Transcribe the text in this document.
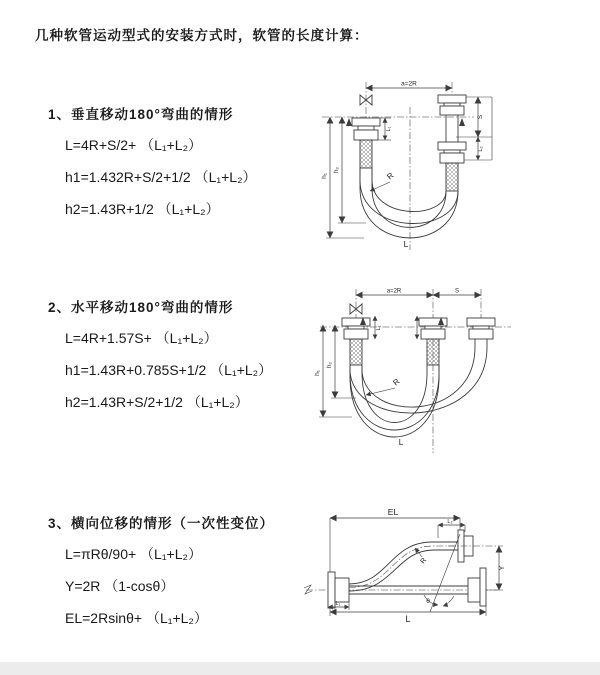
几种软管运动型式的安装方式时，软管的长度计算：
1、垂直移动180°弯曲的情形
L=4R+S/2+ （L₁+L₂）
h1=1.432R+S/2+1/2 （L₁+L₂）
h2=1.43R+1/2 （L₁+L₂）
2、水平移动180°弯曲的情形
L=4R+1.57S+ （L₁+L₂）
h1=1.43R+0.785S+1/2 （L₁+L₂）
h2=1.43R+S/2+1/2 （L₁+L₂）
3、横向位移的情形（一次性变位）
L=πRθ/90+ （L₁+L₂）
Y=2R （1-cosθ）
EL=2Rsinθ+ （L₁+L₂）
a=2R
h₁
h₂
L₁
S
L₂
R
L
a=2R	S
L₁
h₁
h₂
R
L
EL
L₂
R
θ
Y
L₁
L
